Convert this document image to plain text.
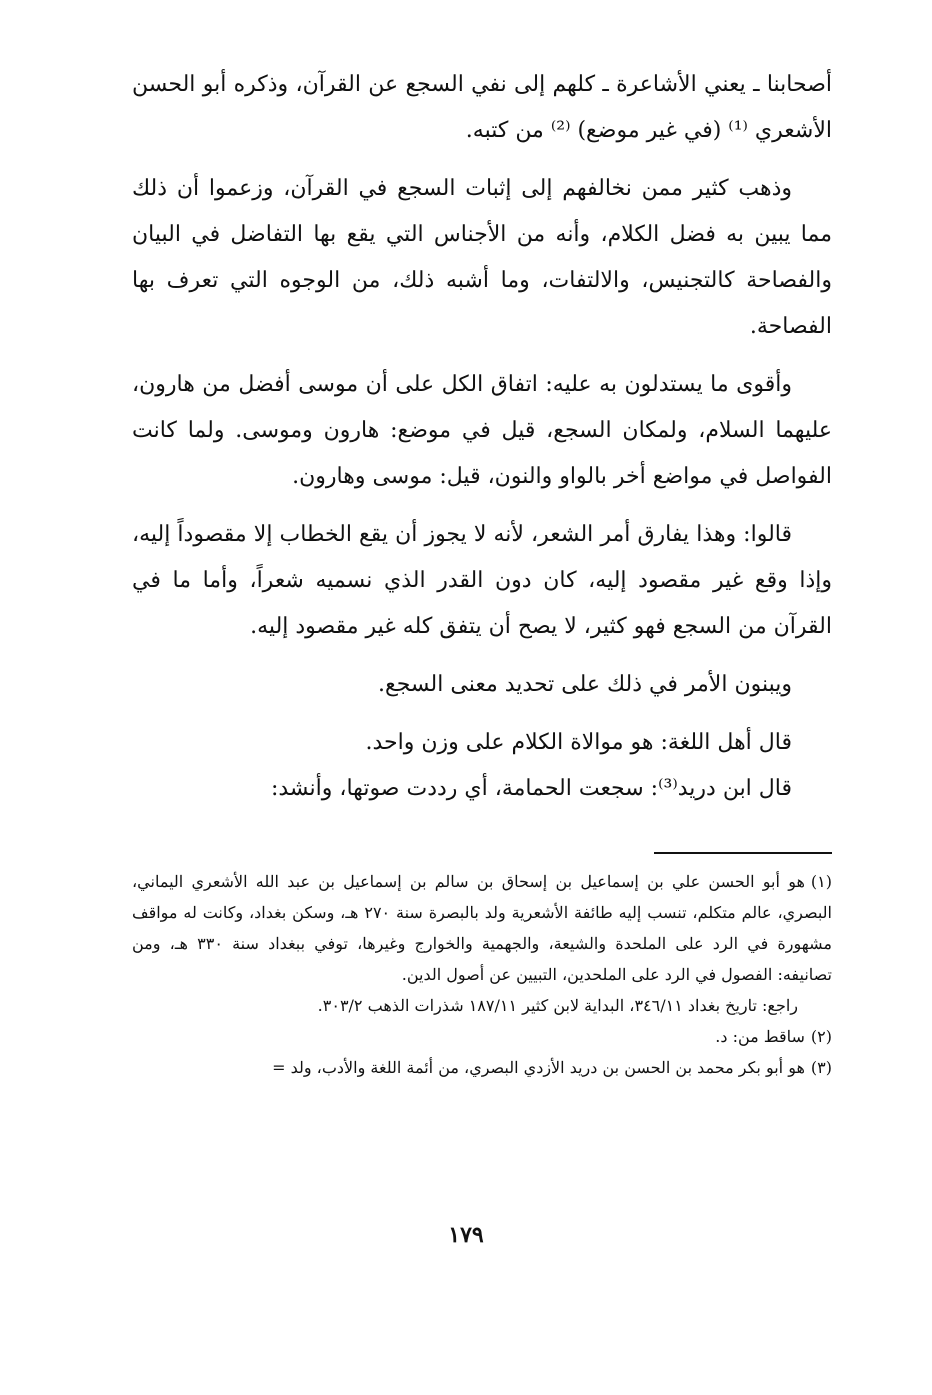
أصحابنا ـ يعني الأشاعرة ـ كلهم إلى نفي السجع عن القرآن، وذكره أبو الحسن الأشعري ⁽¹⁾ (في غير موضع) ⁽²⁾ من كتبه.

وذهب كثير ممن نخالفهم إلى إثبات السجع في القرآن، وزعموا أن ذلك مما يبين به فضل الكلام، وأنه من الأجناس التي يقع بها التفاضل في البيان والفصاحة كالتجنيس، والالتفات، وما أشبه ذلك، من الوجوه التي تعرف بها الفصاحة.

وأقوى ما يستدلون به عليه: اتفاق الكل على أن موسى أفضل من هارون، عليهما السلام، ولمكان السجع، قيل في موضع: هارون وموسى. ولما كانت الفواصل في مواضع أخر بالواو والنون، قيل: موسى وهارون.

قالوا: وهذا يفارق أمر الشعر، لأنه لا يجوز أن يقع الخطاب إلا مقصوداً إليه، وإذا وقع غير مقصود إليه، كان دون القدر الذي نسميه شعراً، وأما ما في القرآن من السجع فهو كثير، لا يصح أن يتفق كله غير مقصود إليه.

ويبنون الأمر في ذلك على تحديد معنى السجع.

قال أهل اللغة: هو موالاة الكلام على وزن واحد.

قال ابن دريد⁽³⁾: سجعت الحمامة، أي رددت صوتها، وأنشد:

(١)هو أبو الحسن علي بن إسماعيل بن إسحاق بن سالم بن إسماعيل بن عبد الله الأشعري اليماني، البصري، عالم متكلم، تنسب إليه طائفة الأشعرية ولد بالبصرة سنة ٢٧٠ هـ، وسكن بغداد، وكانت له مواقف مشهورة في الرد على الملحدة والشيعة، والجهمية والخوارج وغيرها، توفي ببغداد سنة ٣٣٠ هـ، ومن تصانيفه: الفصول في الرد على الملحدين، التبيين عن أصول الدين.

راجع: تاريخ بغداد ٣٤٦/١١، البداية لابن كثير ١٨٧/١١ شذرات الذهب ٣٠٣/٢.

(٢)ساقط من: د.

(٣)هو أبو بكر محمد بن الحسن بن دريد الأزدي البصري، من أئمة اللغة والأدب، ولد =

١٧٩
